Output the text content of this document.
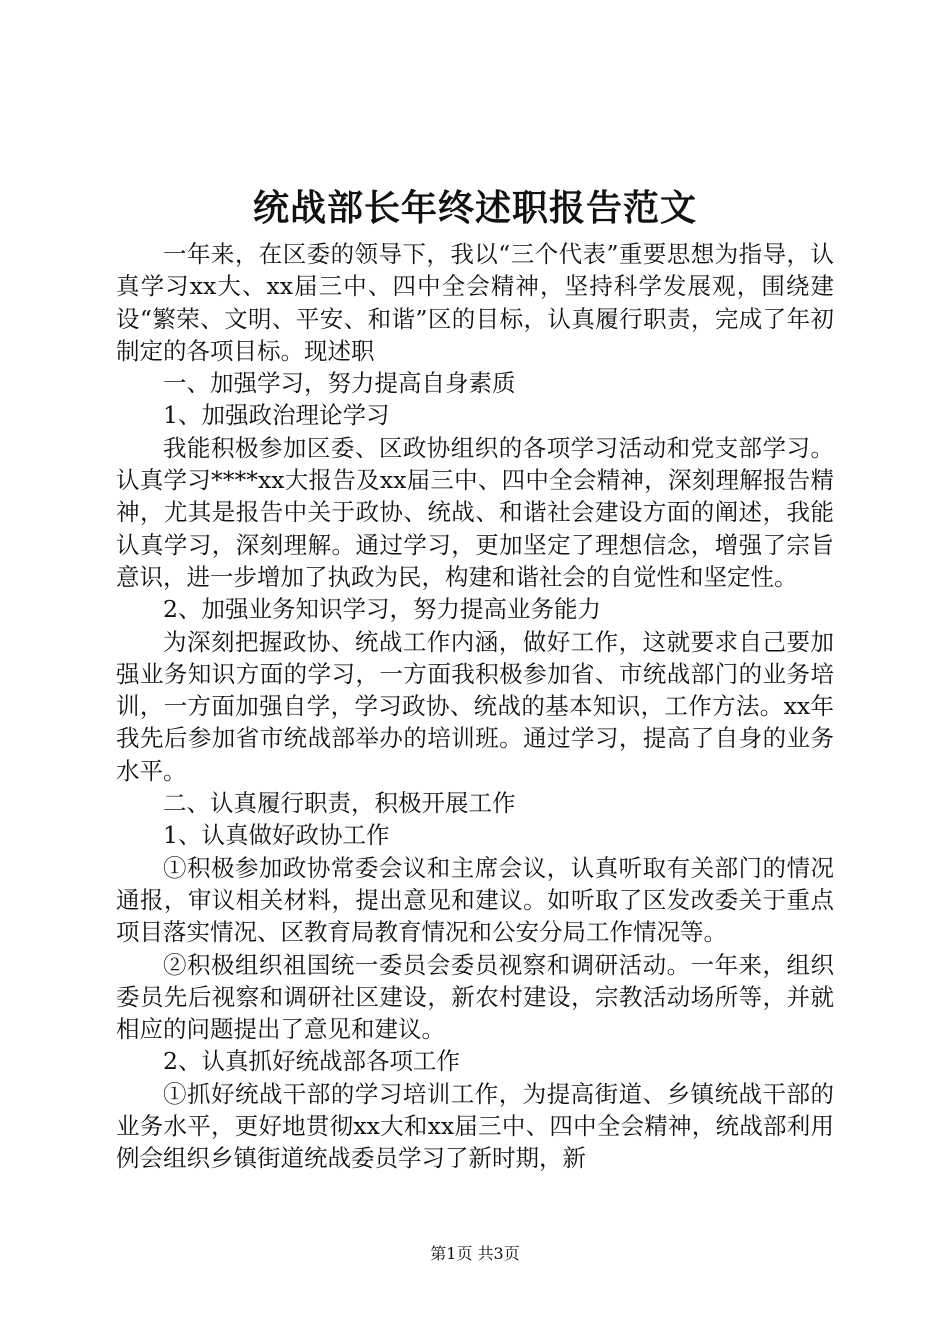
统战部长年终述职报告范文

一年来，在区委的领导下，我以“三个代表”重要思想为指导，认真学习xx大、xx届三中、四中全会精神，坚持科学发展观，围绕建设“繁荣、文明、平安、和谐”区的目标，认真履行职责，完成了年初制定的各项目标。现述职

一、加强学习，努力提高自身素质

1、加强政治理论学习

我能积极参加区委、区政协组织的各项学习活动和党支部学习。认真学习****xx大报告及xx届三中、四中全会精神，深刻理解报告精神，尤其是报告中关于政协、统战、和谐社会建设方面的阐述，我能认真学习，深刻理解。通过学习，更加坚定了理想信念，增强了宗旨意识，进一步增加了执政为民，构建和谐社会的自觉性和坚定性。

2、加强业务知识学习，努力提高业务能力

为深刻把握政协、统战工作内涵，做好工作，这就要求自己要加强业务知识方面的学习，一方面我积极参加省、市统战部门的业务培训，一方面加强自学，学习政协、统战的基本知识，工作方法。xx年我先后参加省市统战部举办的培训班。通过学习，提高了自身的业务水平。

二、认真履行职责，积极开展工作

1、认真做好政协工作

①积极参加政协常委会议和主席会议，认真听取有关部门的情况通报，审议相关材料，提出意见和建议。如听取了区发改委关于重点项目落实情况、区教育局教育情况和公安分局工作情况等。

②积极组织祖国统一委员会委员视察和调研活动。一年来，组织委员先后视察和调研社区建设，新农村建设，宗教活动场所等，并就相应的问题提出了意见和建议。

2、认真抓好统战部各项工作

①抓好统战干部的学习培训工作，为提高街道、乡镇统战干部的业务水平，更好地贯彻xx大和xx届三中、四中全会精神，统战部利用例会组织乡镇街道统战委员学习了新时期，新

第1页 共3页
